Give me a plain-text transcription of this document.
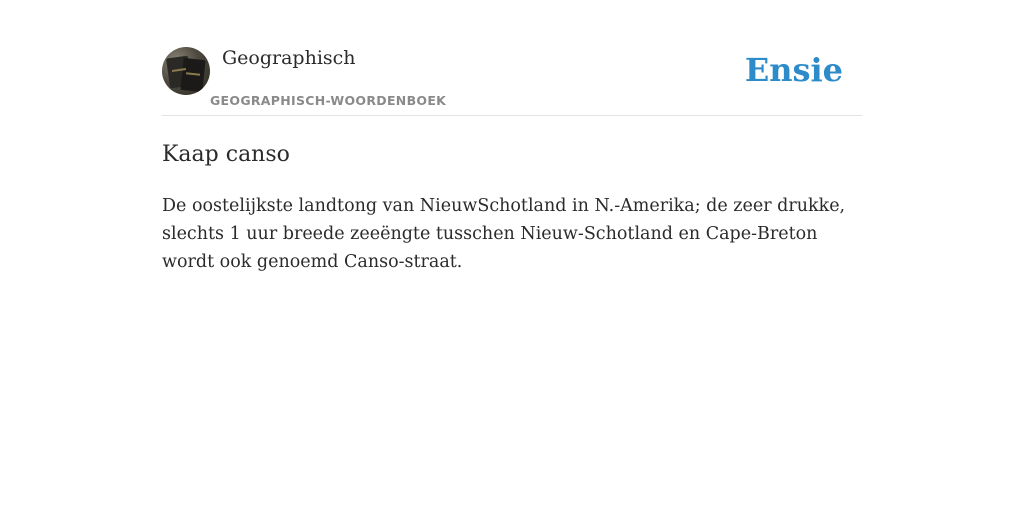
Geographisch
GEOGRAPHISCH-WOORDENBOEK
Ensie
Kaap canso

De oostelijkste landtong van NieuwSchotland in N.-Amerika; de zeer drukke, slechts 1 uur breede zeeëngte tusschen Nieuw-Schotland en Cape-Breton wordt ook genoemd Canso-straat.
